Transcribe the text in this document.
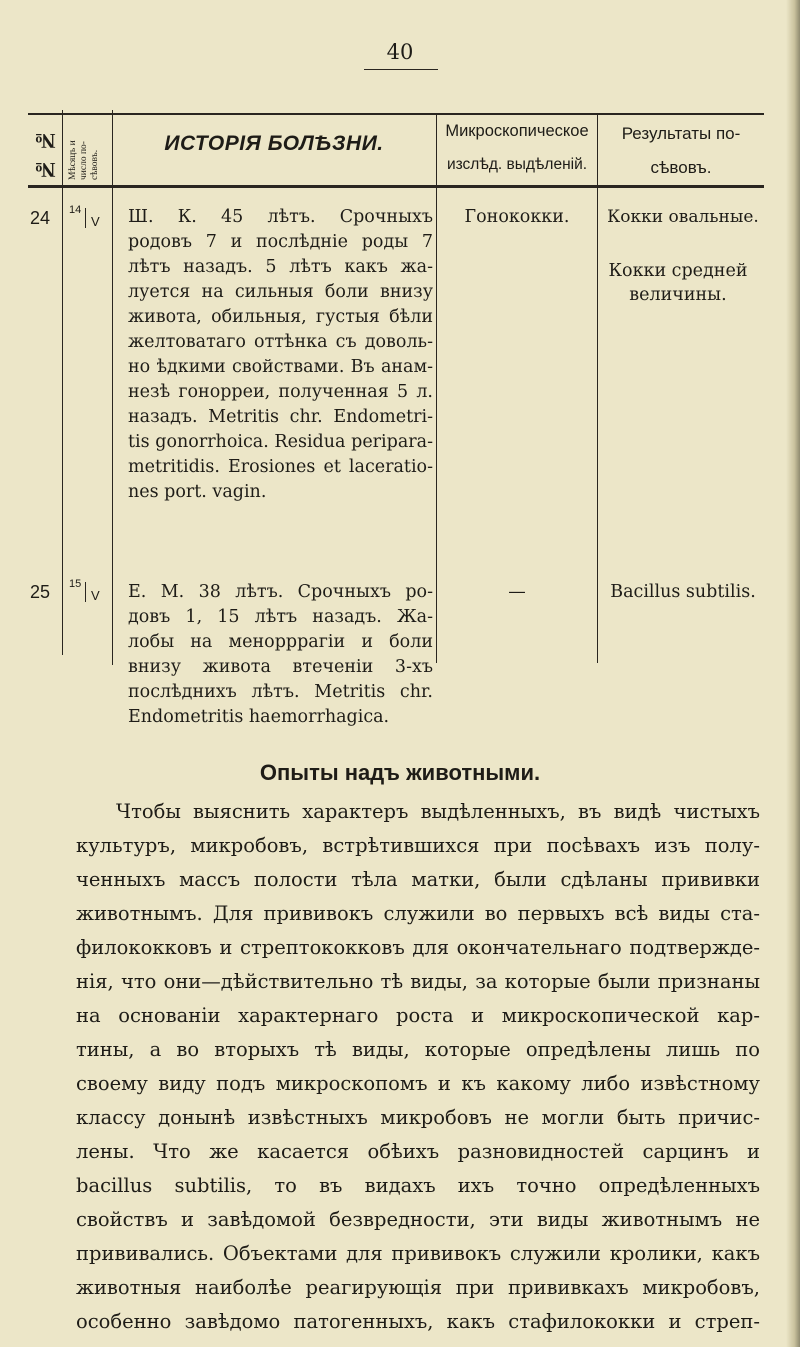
40
№ № Мѣсяцъ и число по-сѣвовъ.
ИСТОРІЯ БОЛѢЗНИ.
Микроскопическое
изслѣд. выдѣленій.
Результаты по-
сѣвовъ.
24 14
V Ш. К. 45 лѣтъ. Срочныхъ
родовъ 7 и послѣдніе роды 7
лѣтъ назадъ. 5 лѣтъ какъ жа-
луется на сильныя боли внизу
живота, обильныя, густыя бѣли
желтоватаго оттѣнка съ доволь-
но ѣдкими свойствами. Въ анам-
незѣ гонорреи, полученная 5 л.
назадъ. Metritis chr. Endometri-
tis gonorrhoica. Residua peripara-
metritidis. Erosiones et laceratio-
nes port. vagin.
Гонококки.	Кокки овальные.
Кокки средней
величины.
25 15
V Е. М. 38 лѣтъ. Срочныхъ ро-
довъ 1, 15 лѣтъ назадъ. Жа-
лобы на менорррагіи и боли
внизу живота втеченіи 3-хъ
послѣднихъ лѣтъ. Metritis chr.
Endometritis haemorrhagica.
—	Bacillus subtilis.
Опыты надъ животными.
Чтобы выяснить характеръ выдѣленныхъ, въ видѣ чистыхъ
культуръ, микробовъ, встрѣтившихся при посѣвахъ изъ полу-
ченныхъ массъ полости тѣла матки, были сдѣланы прививки
животнымъ. Для прививокъ служили во первыхъ всѣ виды ста-
филококковъ и стрептококковъ для окончательнаго подтвержде-
нія, что они—дѣйствительно тѣ виды, за которые были признаны
на основаніи характернаго роста и микроскопической кар-
тины, а во вторыхъ тѣ виды, которые опредѣлены лишь по
своему виду подъ микроскопомъ и къ какому либо извѣстному
классу донынѣ извѣстныхъ микробовъ не могли быть причис-
лены. Что же касается обѣихъ разновидностей сарцинъ и
bacillus subtilis, то въ видахъ ихъ точно опредѣленныхъ
свойствъ и завѣдомой безвредности, эти виды животнымъ не
прививались. Объектами для прививокъ служили кролики, какъ
животныя наиболѣе реагирующія при прививкахъ микробовъ,
особенно завѣдомо патогенныхъ, какъ стафилококки и стреп-
